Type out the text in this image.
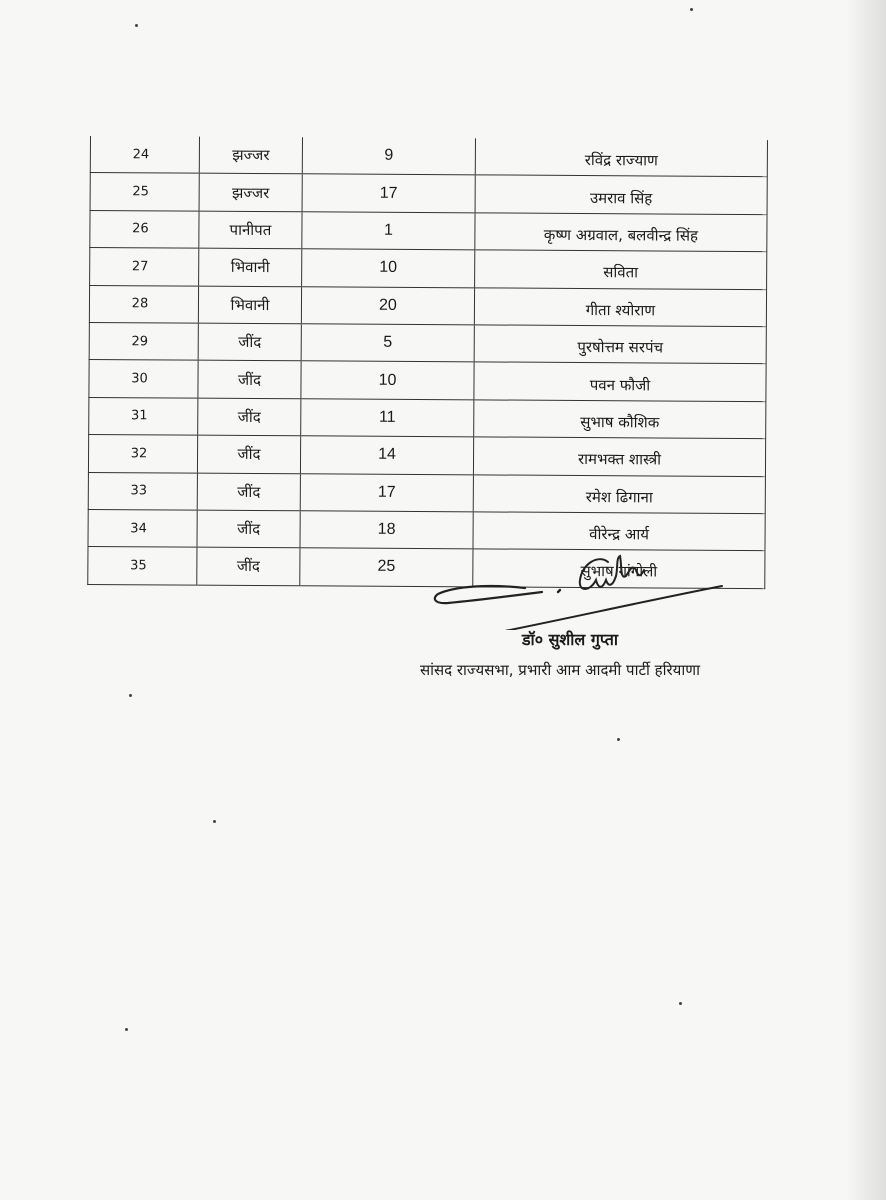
24	झज्जर	9	रविंद्र राज्याण
25	झज्जर	17	उमराव सिंह
26	पानीपत	1	कृष्ण अग्रवाल, बलवीन्द्र सिंह
27	भिवानी	10	सविता
28	भिवानी	20	गीता श्योराण
29	जींद	5	पुरषोत्तम सरपंच
30	जींद	10	पवन फौजी
31	जींद	11	सुभाष कौशिक
32	जींद	14	रामभक्त शास्त्री
33	जींद	17	रमेश ढिगाना
34	जींद	18	वीरेन्द्र आर्य
35	जींद	25	सुभाष गांगोली
डॉ० सुशील गुप्ता
सांसद राज्यसभा, प्रभारी आम आदमी पार्टी हरियाणा
